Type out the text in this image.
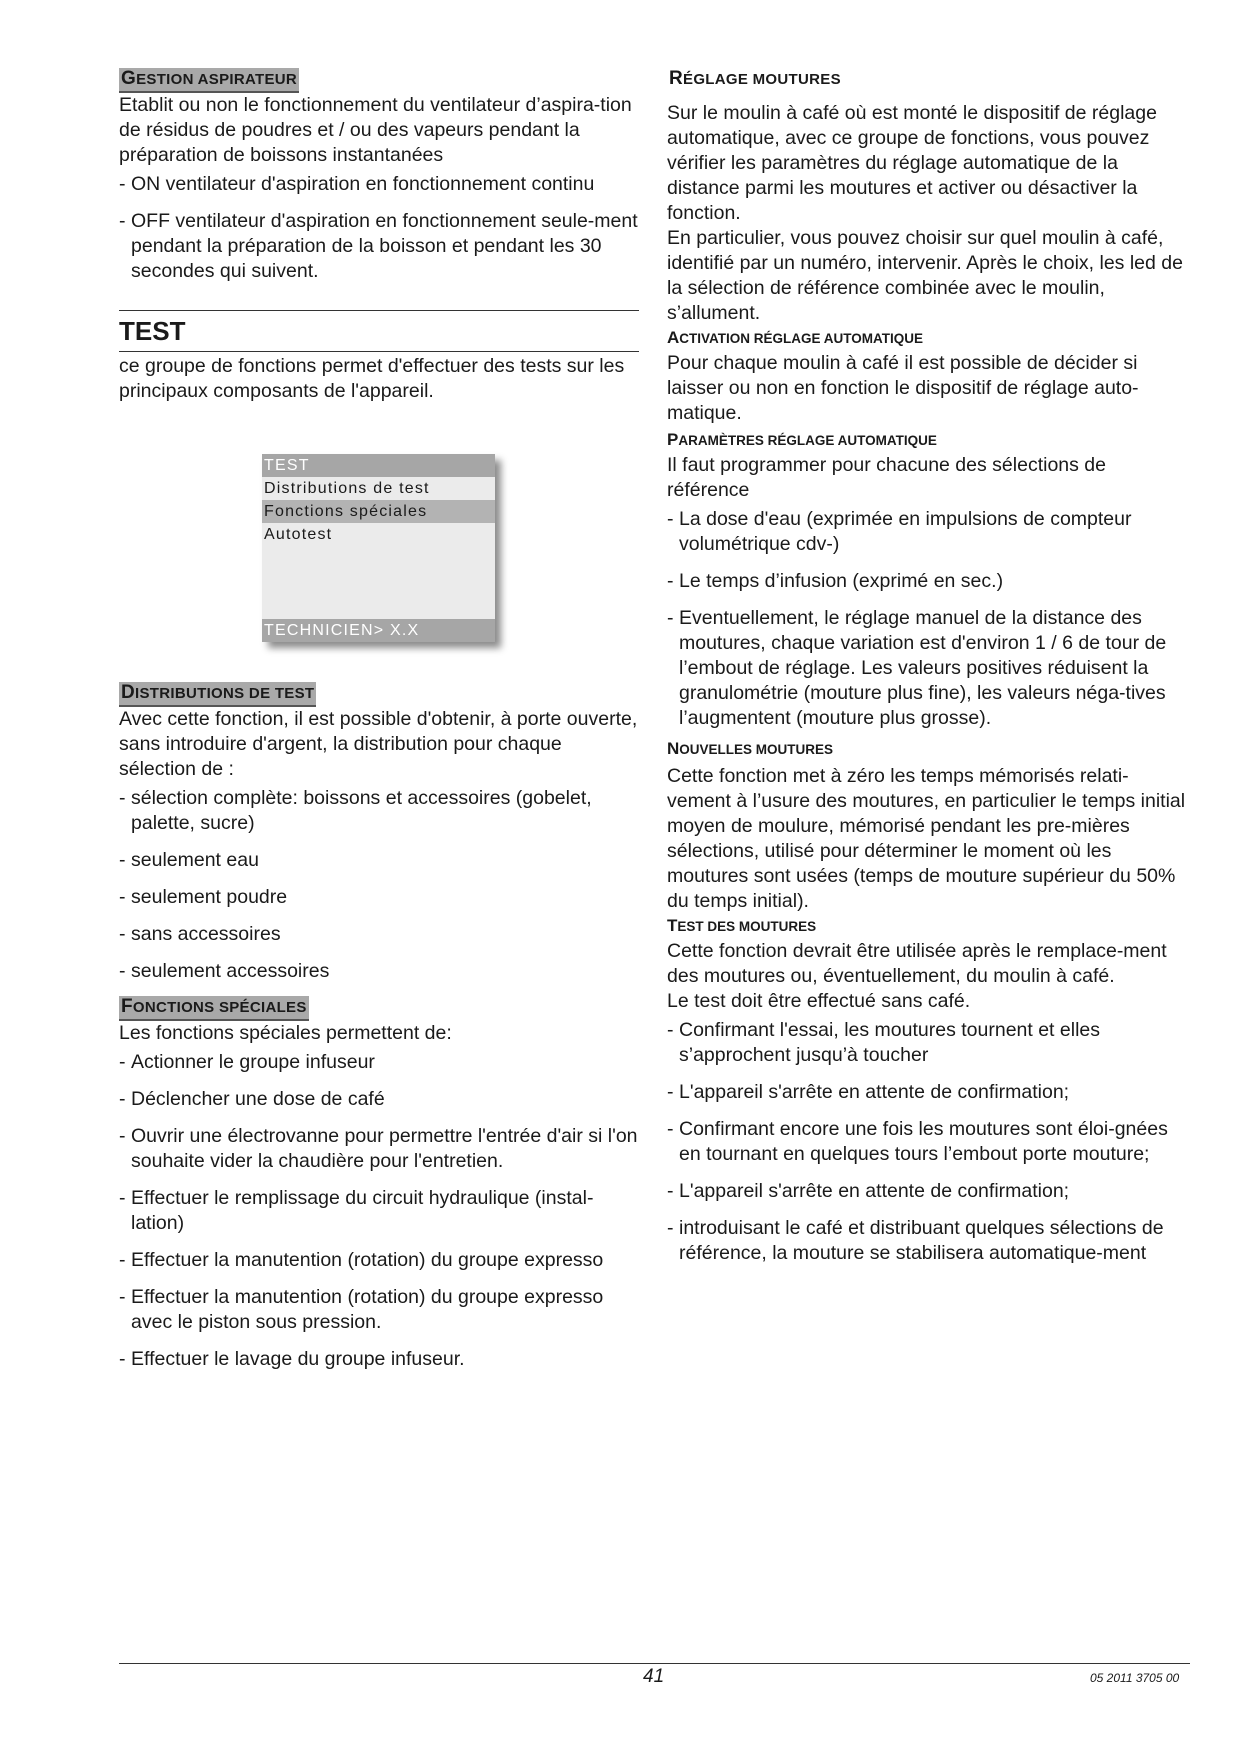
GESTION ASPIRATEUR

Etablit ou non le fonctionnement du ventilateur d’aspira-tion de résidus de poudres et / ou des vapeurs pendant la préparation de boissons instantanées

- ON ventilateur d'aspiration en fonctionnement continu
- OFF ventilateur d'aspiration en fonctionnement seule-ment pendant la préparation de la boisson et pendant les 30 secondes qui suivent.
TEST

ce groupe de fonctions permet d'effectuer des tests sur les principaux composants de l'appareil.

TEST
Distributions de test
Fonctions spéciales
Autotest
TECHNICIEN> X.X
DISTRIBUTIONS DE TEST

Avec cette fonction, il est possible d'obtenir, à porte ouverte, sans introduire d'argent, la distribution pour chaque sélection de :

- sélection complète: boissons et accessoires (gobelet, palette, sucre)
- seulement eau
- seulement poudre
- sans accessoires
- seulement accessoires
FONCTIONS SPÉCIALES

Les fonctions spéciales permettent de:

- Actionner le groupe infuseur
- Déclencher une dose de café
- Ouvrir une électrovanne pour permettre l'entrée d'air si l'on souhaite vider la chaudière pour l'entretien.
- Effectuer le remplissage du circuit hydraulique (instal-lation)
- Effectuer la manutention (rotation) du groupe expresso
- Effectuer la manutention (rotation) du groupe expresso avec le piston sous pression.
- Effectuer le lavage du groupe infuseur.
RÉGLAGE MOUTURES

Sur le moulin à café où est monté le dispositif de réglage automatique, avec ce groupe de fonctions, vous pouvez vérifier les paramètres du réglage automatique de la distance parmi les moutures et activer ou désactiver la fonction.

En particulier, vous pouvez choisir sur quel moulin à café, identifié par un numéro, intervenir. Après le choix, les led de la sélection de référence combinée avec le moulin, s’allument.

ACTIVATION RÉGLAGE AUTOMATIQUE

Pour chaque moulin à café il est possible de décider si laisser ou non en fonction le dispositif de réglage auto-matique.

PARAMÈTRES RÉGLAGE AUTOMATIQUE

Il faut programmer pour chacune des sélections de référence

- La dose d'eau (exprimée en impulsions de compteur volumétrique cdv-)
- Le temps d’infusion (exprimé en sec.)
- Eventuellement, le réglage manuel de la distance des moutures, chaque variation est d'environ 1 / 6 de tour de l’embout de réglage. Les valeurs positives réduisent la granulométrie (mouture plus fine), les valeurs néga-tives l’augmentent (mouture plus grosse).
NOUVELLES MOUTURES

Cette fonction met à zéro les temps mémorisés relati-vement à l’usure des moutures, en particulier le temps initial moyen de moulure, mémorisé pendant les pre-mières sélections, utilisé pour déterminer le moment où les moutures sont usées (temps de mouture supérieur du 50% du temps initial).

TEST DES MOUTURES

Cette fonction devrait être utilisée après le remplace-ment des moutures ou, éventuellement, du moulin à café.

Le test doit être effectué sans café.

- Confirmant l'essai, les moutures tournent et elles s’approchent jusqu’à toucher
- L'appareil s'arrête en attente de confirmation;
- Confirmant encore une fois les moutures sont éloi-gnées en tournant en quelques tours l’embout porte mouture;
- L'appareil s'arrête en attente de confirmation;
- introduisant le café et distribuant quelques sélections de référence, la mouture se stabilisera automatique-ment
41	05 2011 3705 00
